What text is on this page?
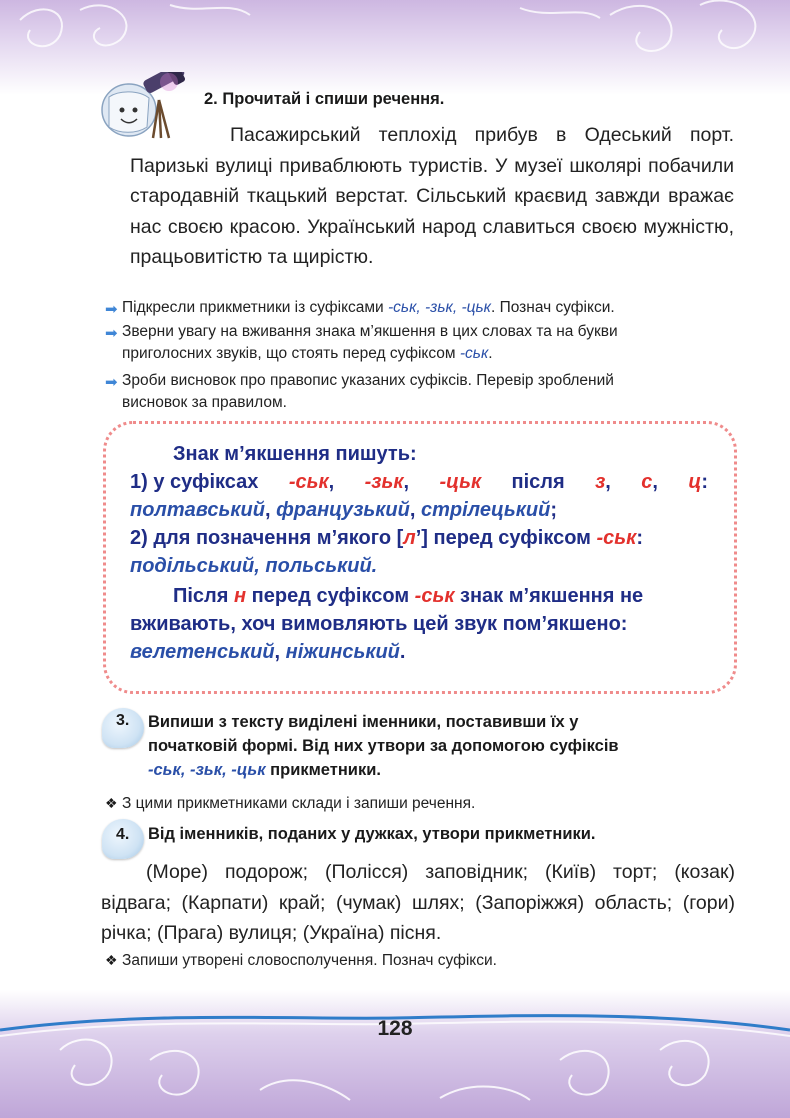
2. Прочитай і спиши речення.
Пасажирський теплохід прибув в Одеський порт. Паризькі вулиці приваблюють туристів. У музеї школярі побачили стародавній ткацький верстат. Сільський краєвид завжди вражає нас своєю красою. Український народ славиться своєю мужністю, працьовитістю та щирістю.
➡ Підкресли прикметники із суфіксами -ськ, -зьк, -цьк. Познач суфікси.
➡ Зверни увагу на вживання знака м’якшення в цих словах та на букви
приголосних звуків, що стоять перед суфіксом -ськ.
➡ Зроби висновок про правопис указаних суфіксів. Перевір зроблений
висновок за правилом.
Знак м’якшення пишуть:
1) у суфіксах -ськ, -зьк, -цьк після з, с, ц:
полтавський, французький, стрілецький;
2) для позначення м’якого [л’] перед суфіксом -ськ:
подільський, польський.
Після н перед суфіксом -ськ знак м’якшення не
вживають, хоч вимовляють цей звук пом’якшено:
велетенський, ніжинський.
3. Випиши з тексту виділені іменники, поставивши їх у
початковій формі. Від них утвори за допомогою суфіксів
-ськ, -зьк, -цьк прикметники.
❖ З цими прикметниками склади і запиши речення.
4. Від іменників, поданих у дужках, утвори прикметники.
(Море) подорож; (Полісся) заповідник; (Київ) торт; (козак) відвага; (Карпати) край; (чумак) шлях; (Запоріжжя) область; (гори) річка; (Прага) вулиця; (Україна) пісня.
❖ Запиши утворені словосполучення. Познач суфікси.
128
